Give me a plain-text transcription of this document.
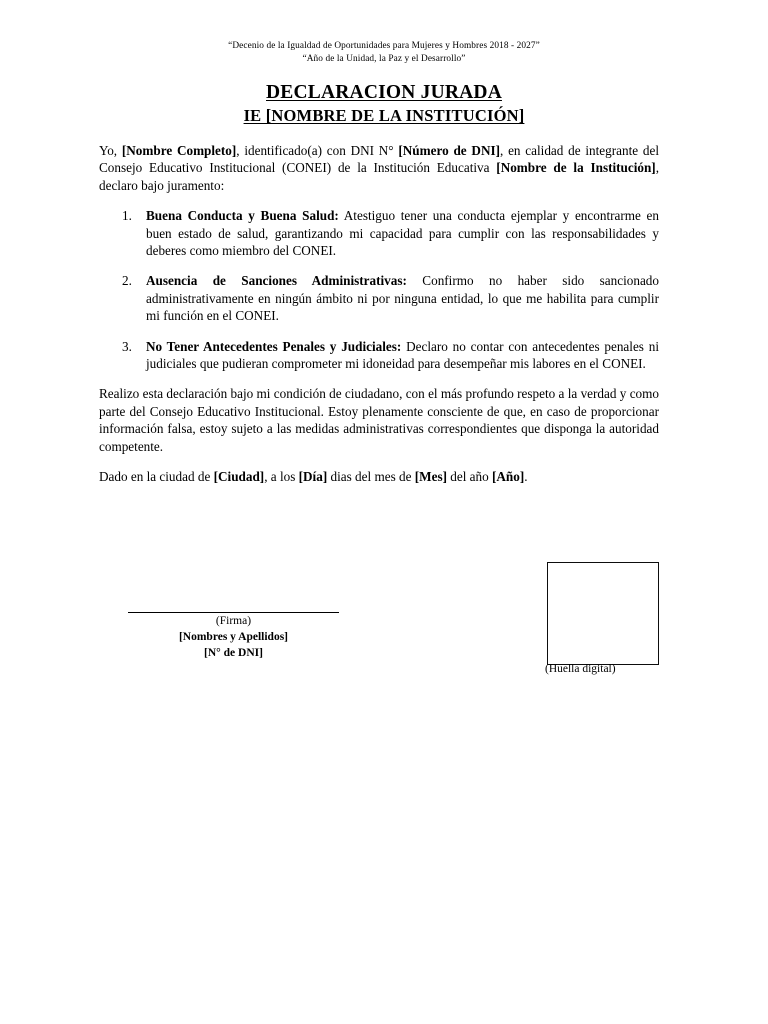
“Decenio de la Igualdad de Oportunidades para Mujeres y Hombres 2018 - 2027”
“Año de la Unidad, la Paz y el Desarrollo”
DECLARACION JURADA
IE [NOMBRE DE LA INSTITUCIÓN]

Yo, [Nombre Completo], identificado(a) con DNI N° [Número de DNI], en calidad de integrante del Consejo Educativo Institucional (CONEI) de la Institución Educativa [Nombre de la Institución], declaro bajo juramento:

1.	Buena Conducta y Buena Salud: Atestiguo tener una conducta ejemplar y encontrarme en buen estado de salud, garantizando mi capacidad para cumplir con las responsabilidades y deberes como miembro del CONEI.
2.	Ausencia de Sanciones Administrativas: Confirmo no haber sido sancionado administrativamente en ningún ámbito ni por ninguna entidad, lo que me habilita para cumplir mi función en el CONEI.
3.	No Tener Antecedentes Penales y Judiciales: Declaro no contar con antecedentes penales ni judiciales que pudieran comprometer mi idoneidad para desempeñar mis labores en el CONEI.

Realizo esta declaración bajo mi condición de ciudadano, con el más profundo respeto a la verdad y como parte del Consejo Educativo Institucional. Estoy plenamente consciente de que, en caso de proporcionar información falsa, estoy sujeto a las medidas administrativas correspondientes que disponga la autoridad competente.

Dado en la ciudad de [Ciudad], a los [Día] dias del mes de [Mes] del año [Año].

(Firma)
[Nombres y Apellidos]
[N° de DNI]
(Huella digital)
